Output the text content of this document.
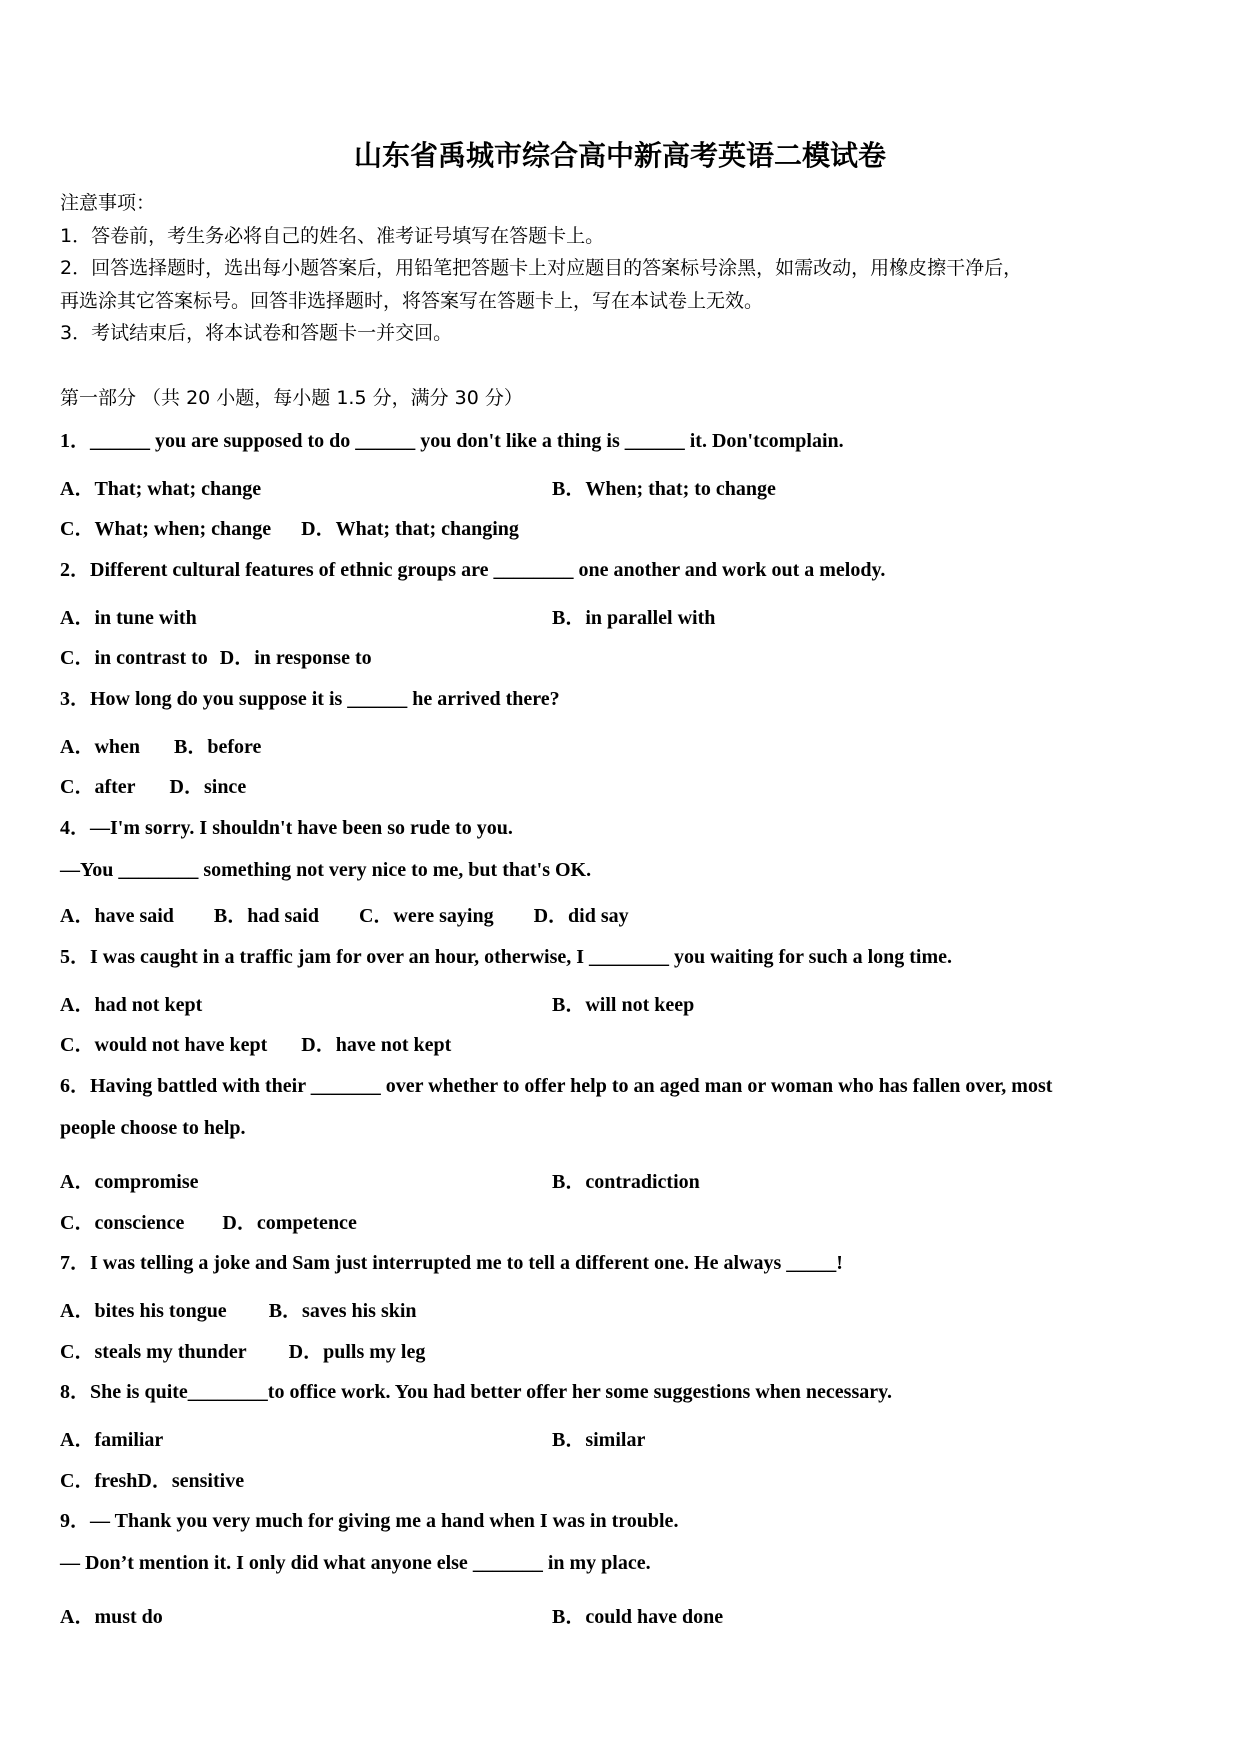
山东省禹城市综合高中新高考英语二模试卷

注意事项：

1．答卷前，考生务必将自己的姓名、准考证号填写在答题卡上。

2．回答选择题时，选出每小题答案后，用铅笔把答题卡上对应题目的答案标号涂黑，如需改动，用橡皮擦干净后，

再选涂其它答案标号。回答非选择题时，将答案写在答题卡上，写在本试卷上无效。

3．考试结束后，将本试卷和答题卡一并交回。

第一部分 （共 20 小题，每小题 1.5 分，满分 30 分）

1．______ you are supposed to do ______ you don't like a thing is ______ it. Don'tcomplain.

A．That; what; change	B．When; that; to change

C．What; when; change D．What; that; changing

2．Different cultural features of ethnic groups are ________ one another and work out a melody.

A．in tune with	B．in parallel with

C．in contrast to D．in response to

3．How long do you suppose it is ______ he arrived there?

A．when B．before

C．after D．since

4．—I'm sorry. I shouldn't have been so rude to you.

—You ________ something not very nice to me, but that's OK.

A．have said B．had said C．were saying D．did say

5．I was caught in a traffic jam for over an hour, otherwise, I ________ you waiting for such a long time.

A．had not kept	B．will not keep

C．would not have kept D．have not kept

6．Having battled with their _______ over whether to offer help to an aged man or woman who has fallen over, most

people choose to help.

A．compromise	B．contradiction

C．conscience D．competence

7．I was telling a joke and Sam just interrupted me to tell a different one. He always _____!

A．bites his tongue B．saves his skin

C．steals my thunder D．pulls my leg

8．She is quite________to office work. You had better offer her some suggestions when necessary.

A．familiar	B．similar

C．freshD．sensitive

9．— Thank you very much for giving me a hand when I was in trouble.

— Don’t mention it. I only did what anyone else _______ in my place.

A．must do	B．could have done
